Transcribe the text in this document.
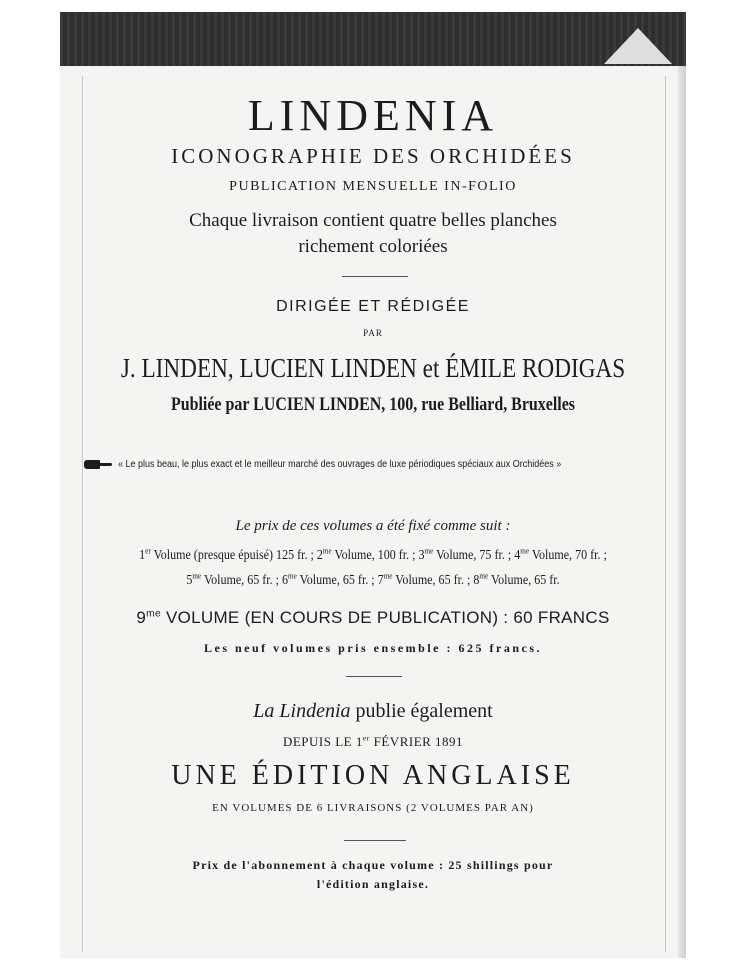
LINDENIA
ICONOGRAPHIE DES ORCHIDÉES
PUBLICATION MENSUELLE IN-FOLIO
Chaque livraison contient quatre belles planches
richement coloriées
DIRIGÉE ET RÉDIGÉE
PAR
J. LINDEN, LUCIEN LINDEN et ÉMILE RODIGAS
Publiée par LUCIEN LINDEN, 100, rue Belliard, Bruxelles
« Le plus beau, le plus exact et le meilleur marché des ouvrages de luxe périodiques spéciaux aux Orchidées »
Le prix de ces volumes a été fixé comme suit :
1er Volume (presque épuisé) 125 fr. ; $2^{me}$ Volume, 100 fr. ; $3^{me}$ Volume, 75 fr. ; $4^{me}$ Volume, 70 fr. ;
$5^{me}$ Volume, 65 fr. ; $6^{me}$ Volume, 65 fr. ; $7^{me}$ Volume, 65 fr. ; $8^{me}$ Volume, 65 fr.
$9^{me}$ VOLUME (EN COURS DE PUBLICATION) : 60 FRANCS
Les neuf volumes pris ensemble : 625 francs.
La Lindenia publie également
DEPUIS LE 1er FÉVRIER 1891
UNE ÉDITION ANGLAISE
EN VOLUMES DE 6 LIVRAISONS (2 VOLUMES PAR AN)
Prix de l'abonnement à chaque volume : 25 shillings pour
l'édition anglaise.
